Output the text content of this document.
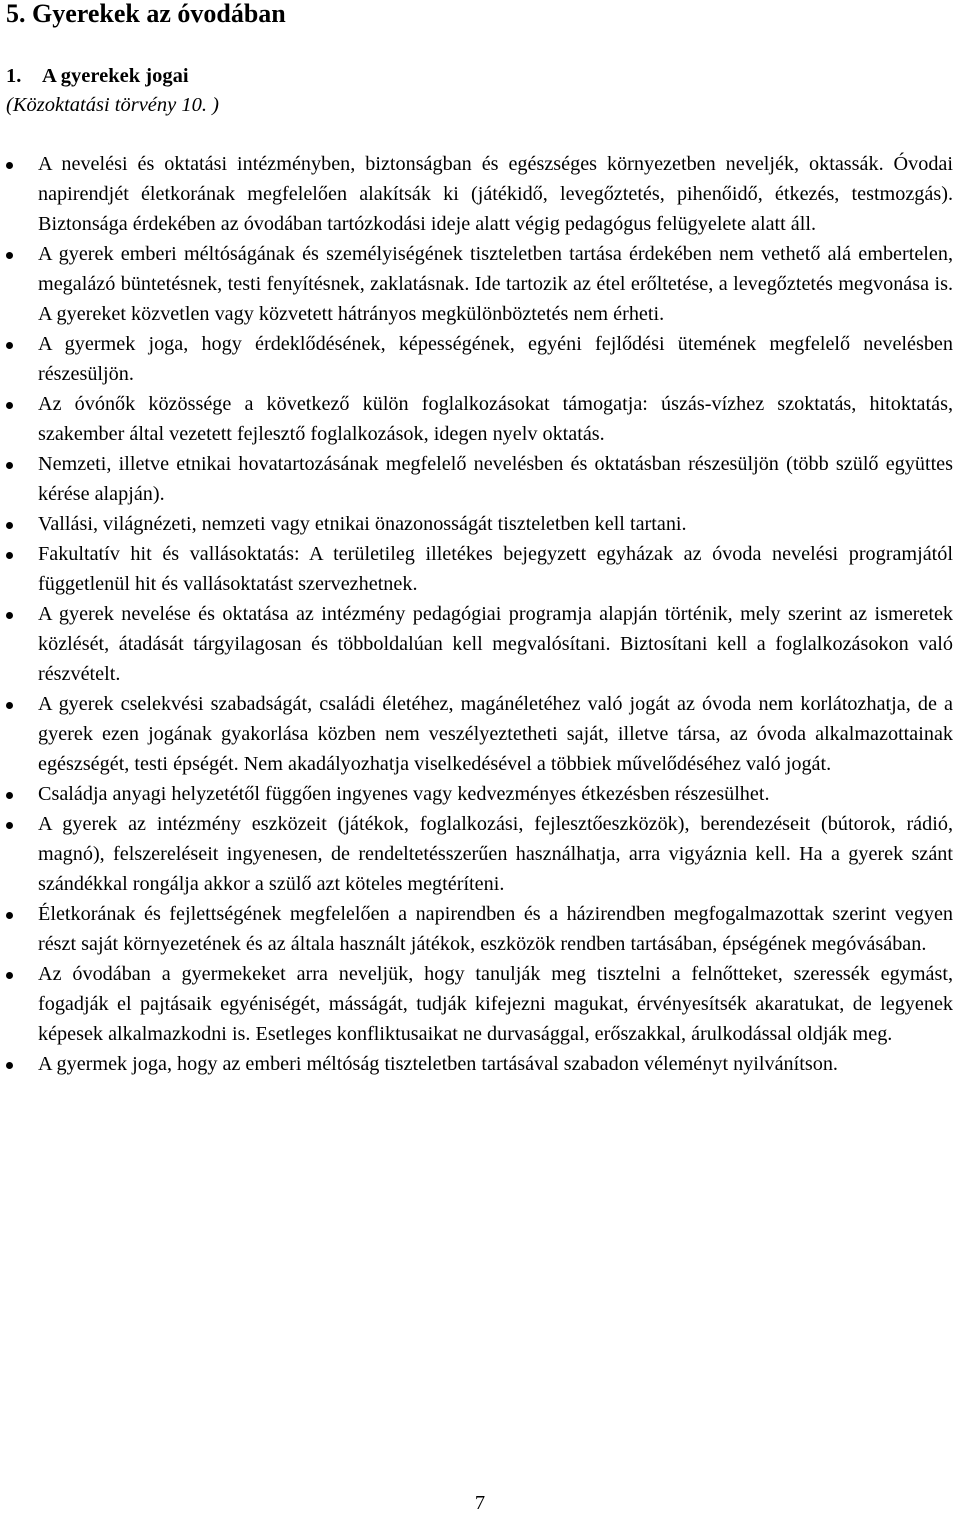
5. Gyerekek az óvodában
1. A gyerekek jogai

(Közoktatási törvény 10. )

A nevelési és oktatási intézményben, biztonságban és egészséges környezetben neveljék, oktassák. Óvodai napirendjét életkorának megfelelően alakítsák ki (játékidő, levegőztetés, pihenőidő, étkezés, testmozgás). Biztonsága érdekében az óvodában tartózkodási ideje alatt végig pedagógus felügyelete alatt áll.
A gyerek emberi méltóságának és személyiségének tiszteletben tartása érdekében nem vethető alá embertelen, megalázó büntetésnek, testi fenyítésnek, zaklatásnak. Ide tartozik az étel erőltetése, a levegőztetés megvonása is. A gyereket közvetlen vagy közvetett hátrányos megkülönböztetés nem érheti.
A gyermek joga, hogy érdeklődésének, képességének, egyéni fejlődési ütemének megfelelő nevelésben részesüljön.
Az óvónők közössége a következő külön foglalkozásokat támogatja: úszás-vízhez szoktatás, hitoktatás, szakember által vezetett fejlesztő foglalkozások, idegen nyelv oktatás.
Nemzeti, illetve etnikai hovatartozásának megfelelő nevelésben és oktatásban részesüljön (több szülő együttes kérése alapján).
Vallási, világnézeti, nemzeti vagy etnikai önazonosságát tiszteletben kell tartani.
Fakultatív hit és vallásoktatás: A területileg illetékes bejegyzett egyházak az óvoda nevelési programjától függetlenül hit és vallásoktatást szervezhetnek.
A gyerek nevelése és oktatása az intézmény pedagógiai programja alapján történik, mely szerint az ismeretek közlését, átadását tárgyilagosan és többoldalúan kell megvalósítani. Biztosítani kell a foglalkozásokon való részvételt.
A gyerek cselekvési szabadságát, családi életéhez, magánéletéhez való jogát az óvoda nem korlátozhatja, de a gyerek ezen jogának gyakorlása közben nem veszélyeztetheti saját, illetve társa, az óvoda alkalmazottainak egészségét, testi épségét. Nem akadályozhatja viselkedésével a többiek művelődéséhez való jogát.
Családja anyagi helyzetétől függően ingyenes vagy kedvezményes étkezésben részesülhet.
A gyerek az intézmény eszközeit (játékok, foglalkozási, fejlesztőeszközök), berendezéseit (bútorok, rádió, magnó), felszereléseit ingyenesen, de rendeltetésszerűen használhatja, arra vigyáznia kell. Ha a gyerek szánt szándékkal rongálja akkor a szülő azt köteles megtéríteni.
Életkorának és fejlettségének megfelelően a napirendben és a házirendben megfogalmazottak szerint vegyen részt saját környezetének és az általa használt játékok, eszközök rendben tartásában, épségének megóvásában.
Az óvodában a gyermekeket arra neveljük, hogy tanulják meg tisztelni a felnőtteket, szeressék egymást, fogadják el pajtásaik egyéniségét, másságát, tudják kifejezni magukat, érvényesítsék akaratukat, de legyenek képesek alkalmazkodni is. Esetleges konfliktusaikat ne durvasággal, erőszakkal, árulkodással oldják meg.
A gyermek joga, hogy az emberi méltóság tiszteletben tartásával szabadon véleményt nyilvánítson.

7
